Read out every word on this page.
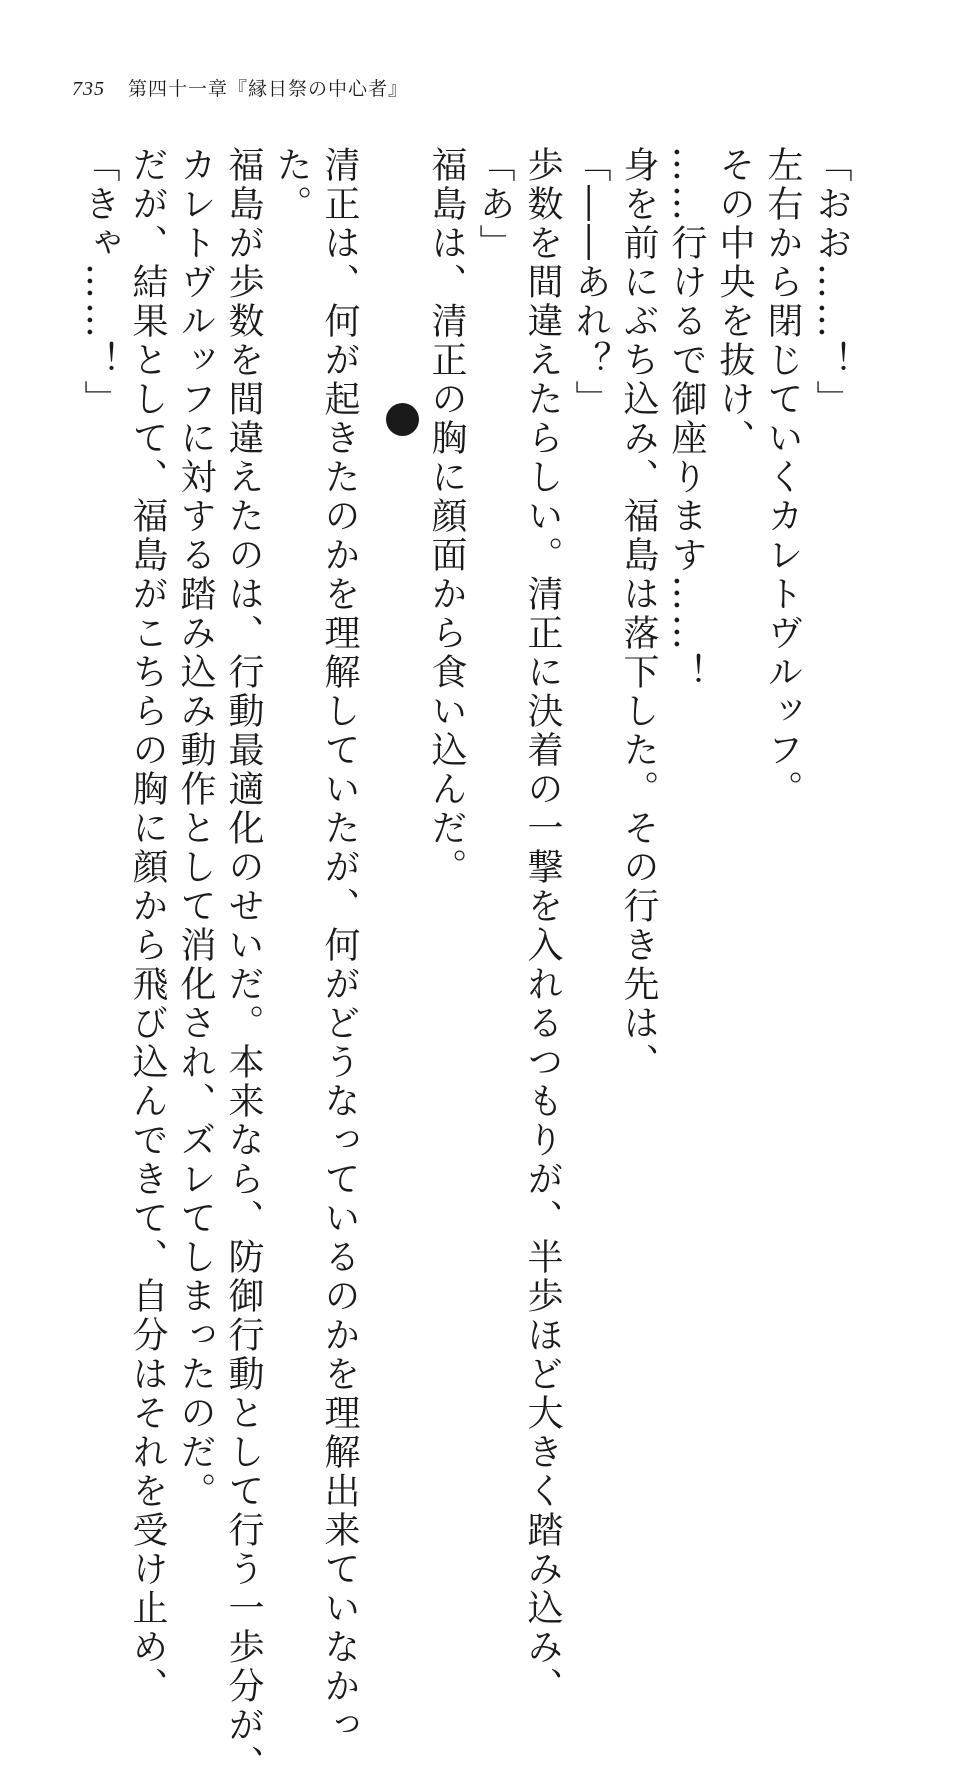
735 第四十一章『縁日祭の中心者』
「おお……！」
左右から閉じていくカレトヴルッフ。
その中央を抜け、
……行けるで御座ります……！
身を前にぶち込み、福島は落下した。その行き先は、
「――あれ？」
歩数を間違えたらしい。清正に決着の一撃を入れるつもりが、半歩ほど大きく踏み込み、
「あ」
福島は、清正の胸に顔面から食い込んだ。
清正は、何が起きたのかを理解していたが、何がどうなっているのかを理解出来ていなかっ
た。
福島が歩数を間違えたのは、行動最適化のせいだ。本来なら、防御行動として行う一歩分が、
カレトヴルッフに対する踏み込み動作として消化され、ズレてしまったのだ。
だが、結果として、福島がこちらの胸に顔から飛び込んできて、自分はそれを受け止め、
「きゃ……！」
